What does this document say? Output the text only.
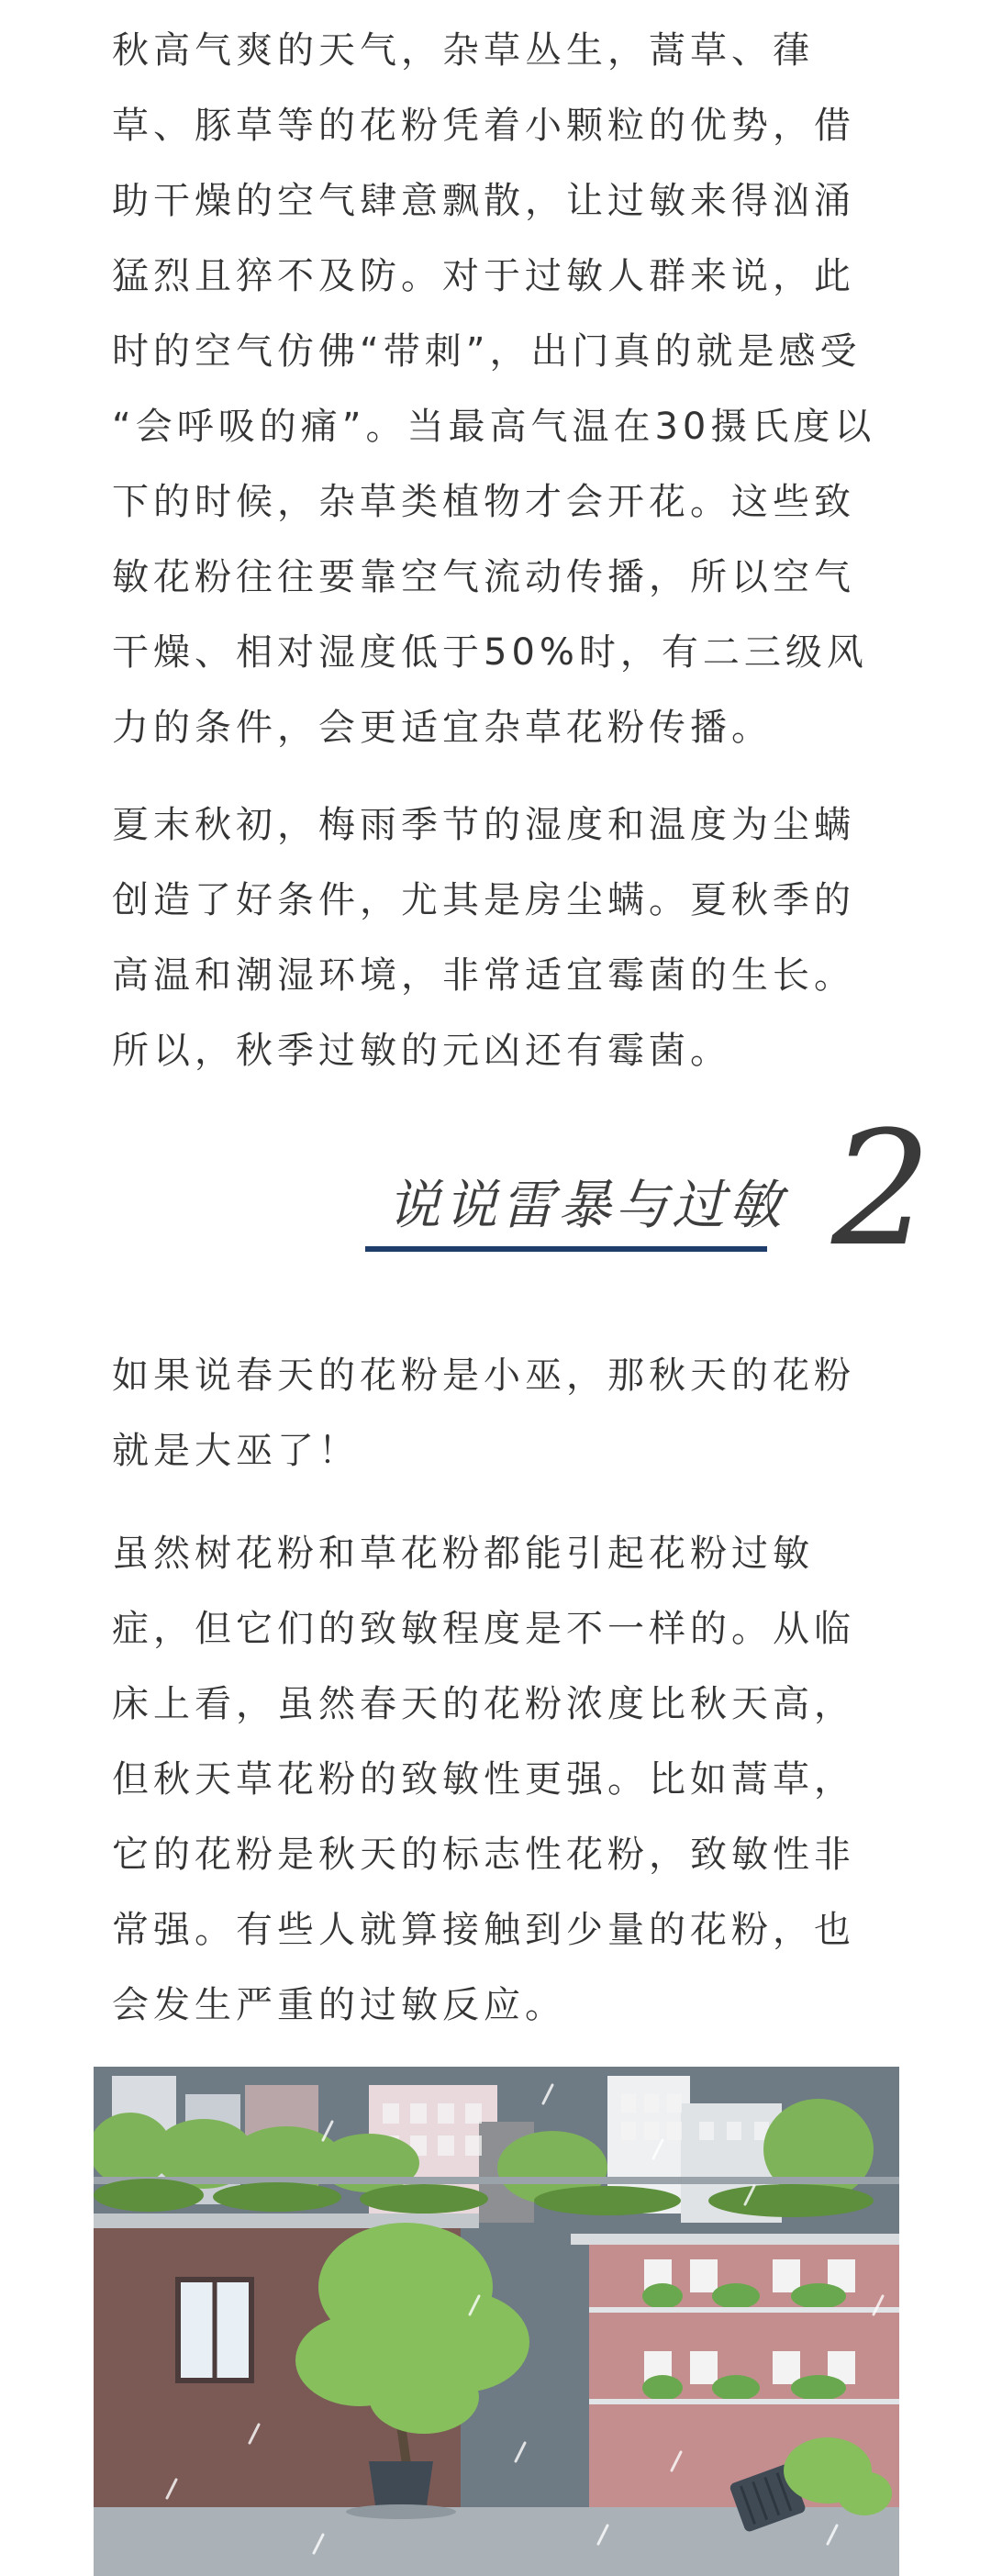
秋高气爽的天气，杂草丛生，蒿草、葎
草、豚草等的花粉凭着小颗粒的优势，借
助干燥的空气肆意飘散，让过敏来得汹涌
猛烈且猝不及防。对于过敏人群来说，此
时的空气仿佛“带刺”，出门真的就是感受
“会呼吸的痛”。当最高气温在30摄氏度以
下的时候，杂草类植物才会开花。这些致
敏花粉往往要靠空气流动传播，所以空气
干燥、相对湿度低于50%时，有二三级风
力的条件，会更适宜杂草花粉传播。
夏末秋初，梅雨季节的湿度和温度为尘螨
创造了好条件，尤其是房尘螨。夏秋季的
高温和潮湿环境，非常适宜霉菌的生长。
所以，秋季过敏的元凶还有霉菌。
如果说春天的花粉是小巫，那秋天的花粉
就是大巫了！
虽然树花粉和草花粉都能引起花粉过敏
症，但它们的致敏程度是不一样的。从临
床上看，虽然春天的花粉浓度比秋天高，
但秋天草花粉的致敏性更强。比如蒿草，
它的花粉是秋天的标志性花粉，致敏性非
常强。有些人就算接触到少量的花粉，也
会发生严重的过敏反应。
说说雷暴与过敏 2
